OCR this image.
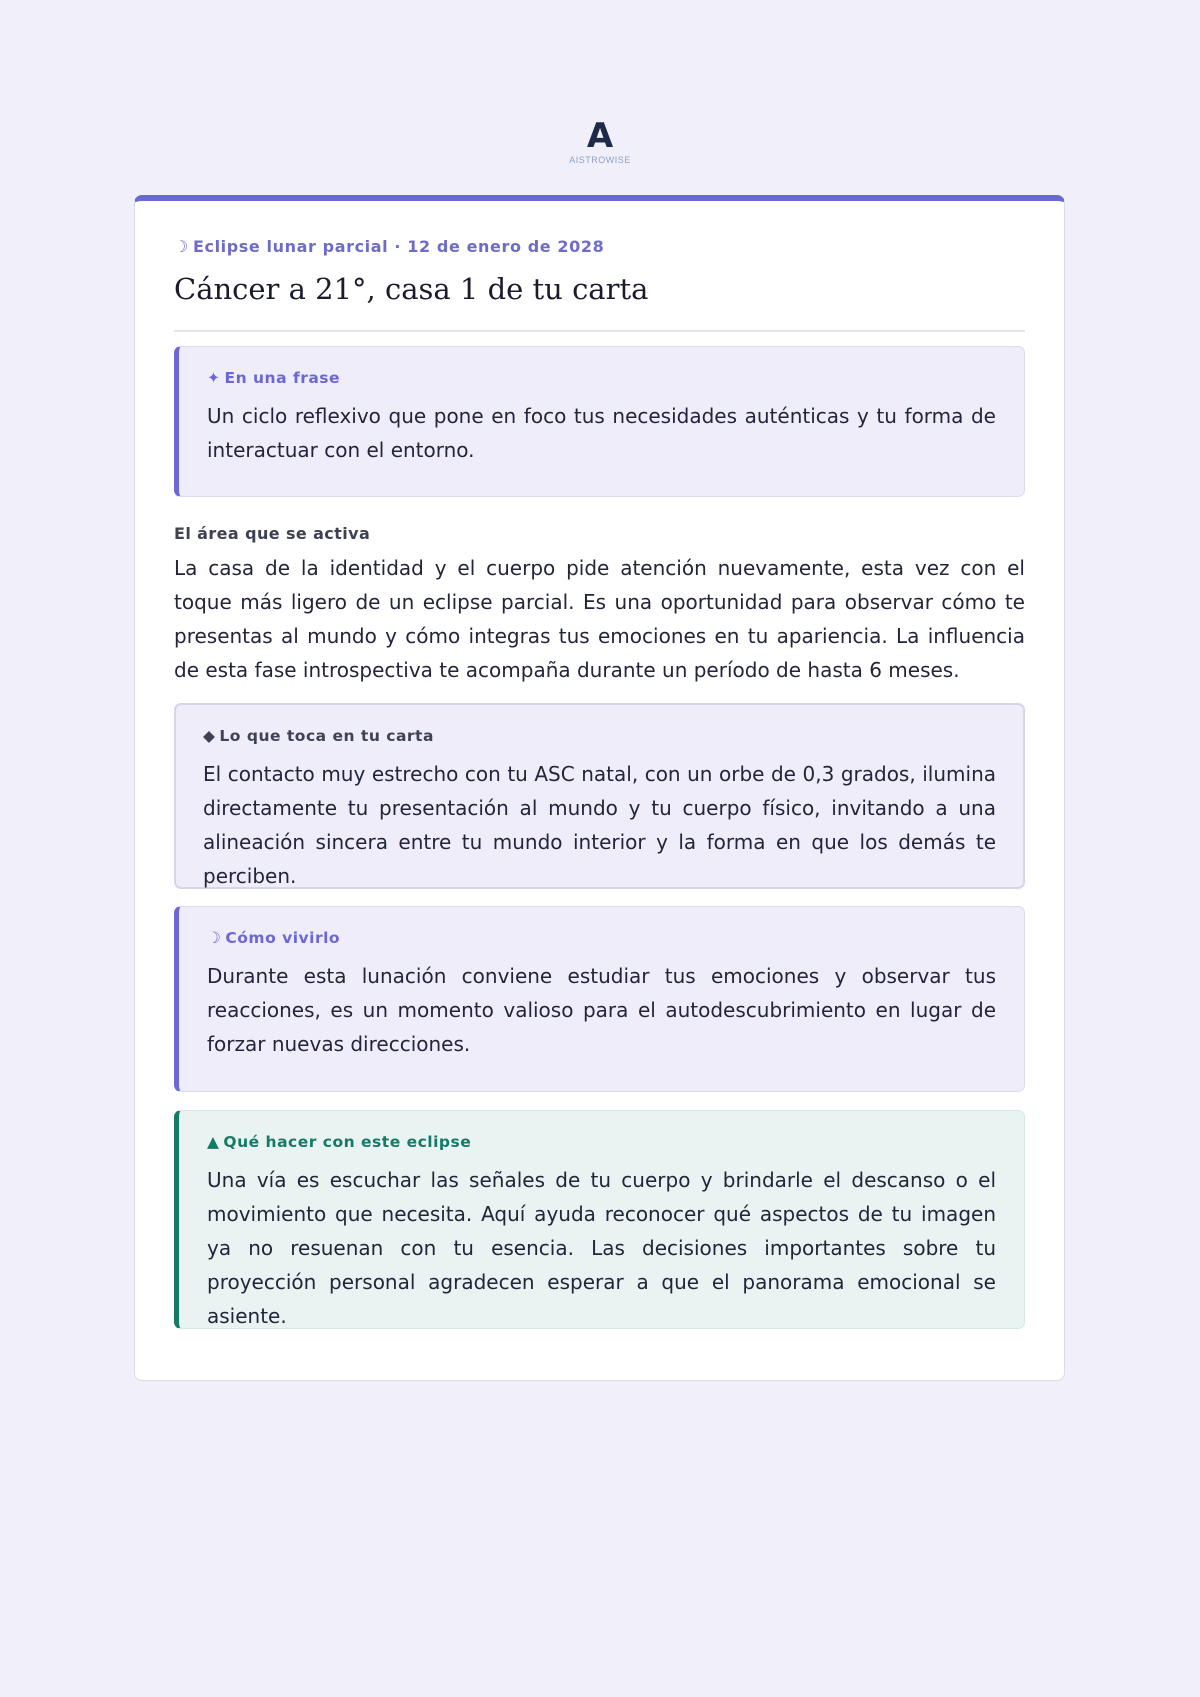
A
AISTROWISE
☽ Eclipse lunar parcial · 12 de enero de 2028
Cáncer a 21°, casa 1 de tu carta
✦ En una frase
Un ciclo reflexivo que pone en foco tus necesidades auténticas y tu forma de interactuar con el entorno.
El área que se activa

La casa de la identidad y el cuerpo pide atención nuevamente, esta vez con el toque más ligero de un eclipse parcial. Es una oportunidad para observar cómo te presentas al mundo y cómo integras tus emociones en tu apariencia. La influencia de esta fase introspectiva te acompaña durante un período de hasta 6 meses.

◆ Lo que toca en tu carta
El contacto muy estrecho con tu ASC natal, con un orbe de 0,3 grados, ilumina directamente tu presentación al mundo y tu cuerpo físico, invitando a una alineación sincera entre tu mundo interior y la forma en que los demás te perciben.
☽ Cómo vivirlo
Durante esta lunación conviene estudiar tus emociones y observar tus reacciones, es un momento valioso para el autodescubrimiento en lugar de forzar nuevas direcciones.
▲ Qué hacer con este eclipse
Una vía es escuchar las señales de tu cuerpo y brindarle el descanso o el movimiento que necesita. Aquí ayuda reconocer qué aspectos de tu imagen ya no resuenan con tu esencia. Las decisiones importantes sobre tu proyección personal agradecen esperar a que el panorama emocional se asiente.
